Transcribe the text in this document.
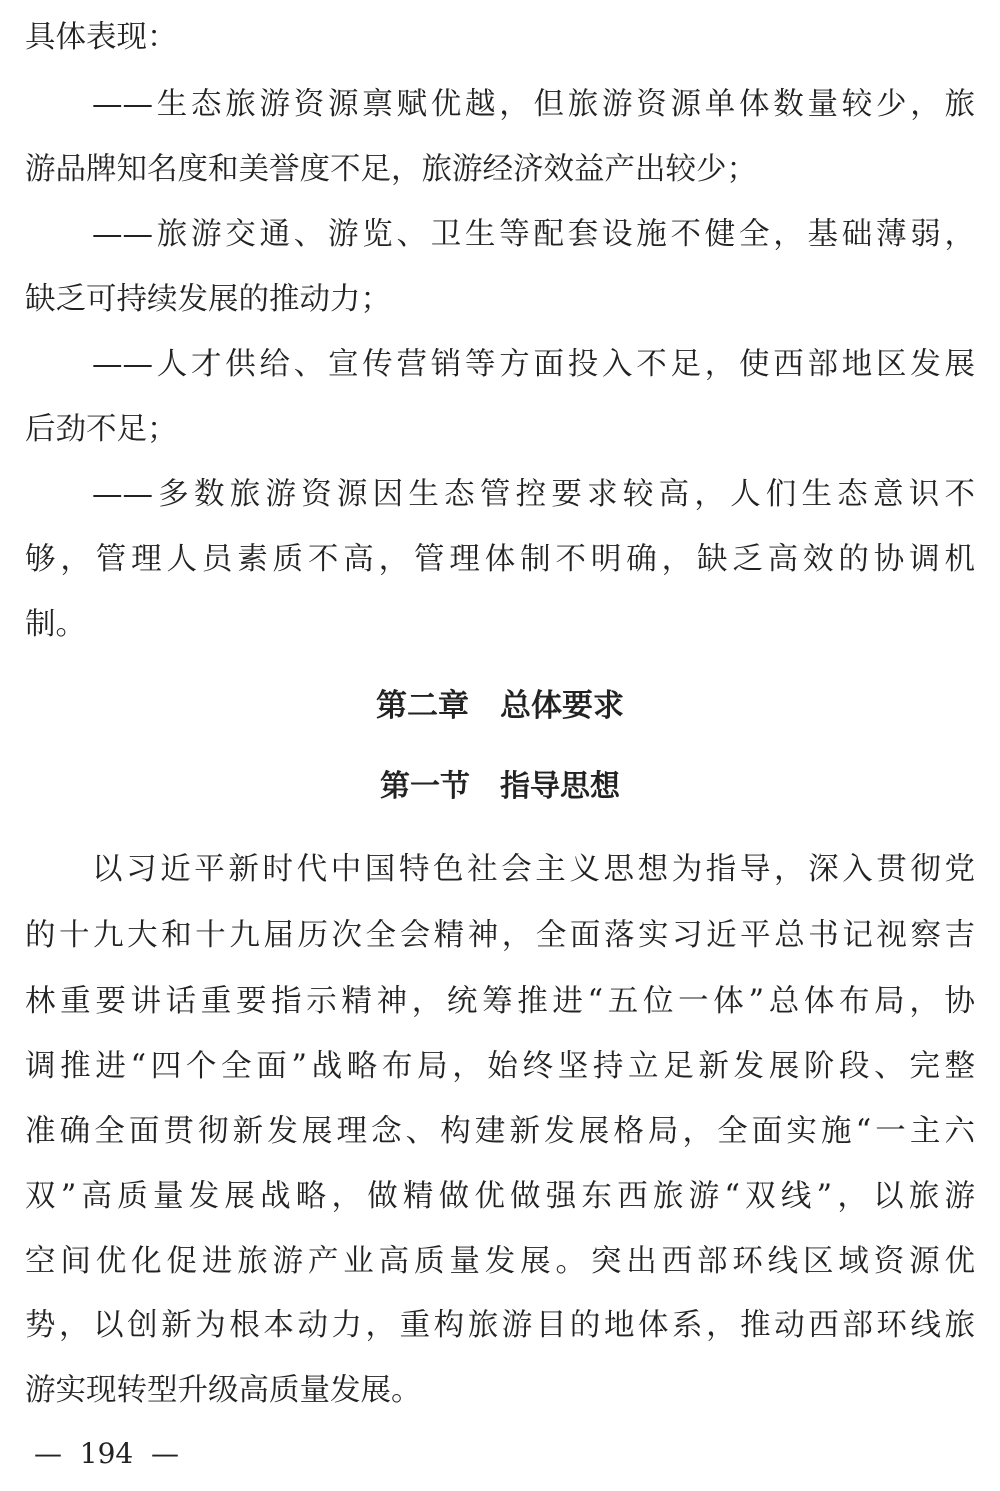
具体表现：
——生态旅游资源禀赋优越，但旅游资源单体数量较少，旅
游品牌知名度和美誉度不足，旅游经济效益产出较少；
——旅游交通、游览、卫生等配套设施不健全，基础薄弱，
缺乏可持续发展的推动力；
——人才供给、宣传营销等方面投入不足，使西部地区发展
后劲不足；
——多数旅游资源因生态管控要求较高，人们生态意识不
够，管理人员素质不高，管理体制不明确，缺乏高效的协调机
制。
第二章　总体要求
第一节　指导思想
以习近平新时代中国特色社会主义思想为指导，深入贯彻党
的十九大和十九届历次全会精神，全面落实习近平总书记视察吉
林重要讲话重要指示精神，统筹推进“五位一体”总体布局，协
调推进“四个全面”战略布局，始终坚持立足新发展阶段、完整
准确全面贯彻新发展理念、构建新发展格局，全面实施“一主六
双”高质量发展战略，做精做优做强东西旅游“双线”，以旅游
空间优化促进旅游产业高质量发展。突出西部环线区域资源优
势，以创新为根本动力，重构旅游目的地体系，推动西部环线旅
游实现转型升级高质量发展。
—  194  —
